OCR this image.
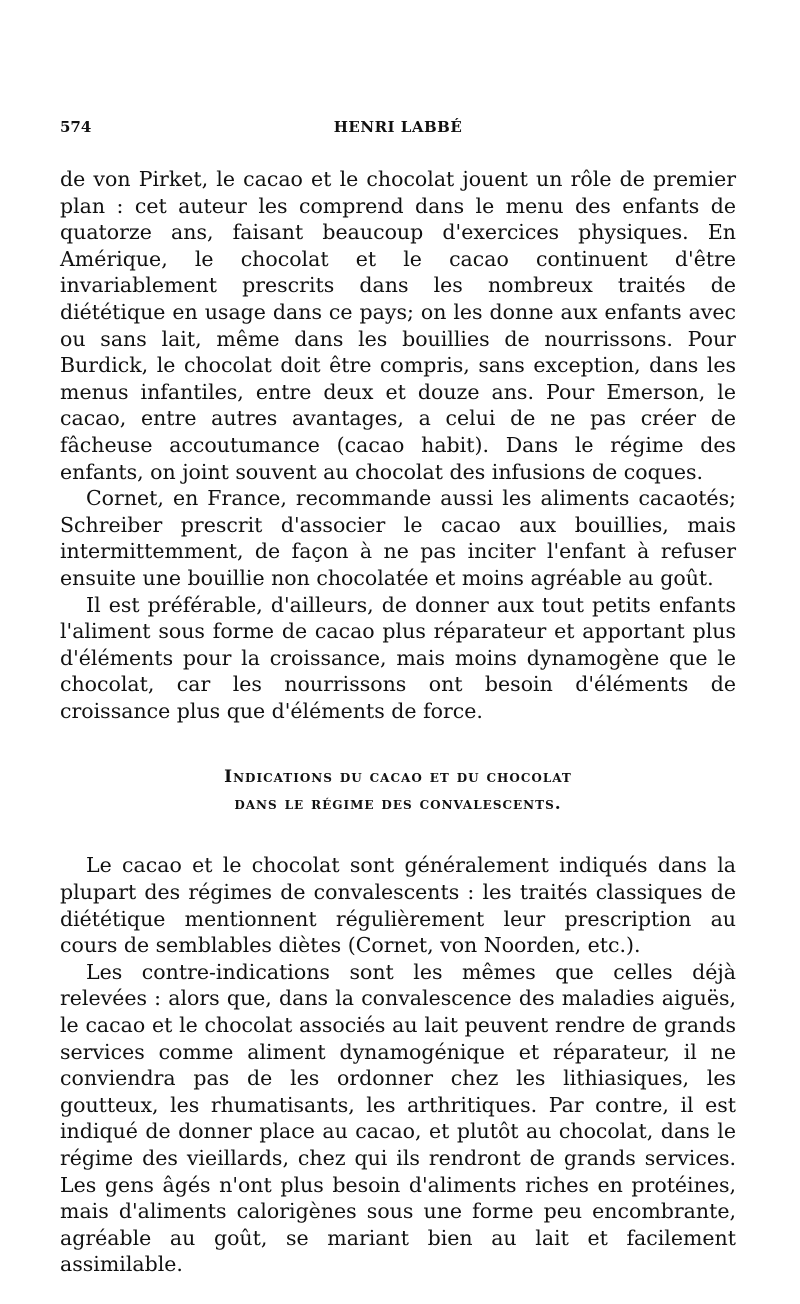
574	HENRI LABBÉ

de von Pirket, le cacao et le chocolat jouent un rôle de premier plan : cet auteur les comprend dans le menu des enfants de quatorze ans, faisant beaucoup d'exercices physiques. En Amérique, le chocolat et le cacao continuent d'être invariablement prescrits dans les nombreux traités de diététique en usage dans ce pays; on les donne aux enfants avec ou sans lait, même dans les bouillies de nourrissons. Pour Burdick, le chocolat doit être compris, sans exception, dans les menus infantiles, entre deux et douze ans. Pour Emerson, le cacao, entre autres avantages, a celui de ne pas créer de fâcheuse accoutumance (cacao habit). Dans le régime des enfants, on joint souvent au chocolat des infusions de coques.

Cornet, en France, recommande aussi les aliments cacaotés; Schreiber prescrit d'associer le cacao aux bouillies, mais intermittemment, de façon à ne pas inciter l'enfant à refuser ensuite une bouillie non chocolatée et moins agréable au goût.

Il est préférable, d'ailleurs, de donner aux tout petits enfants l'aliment sous forme de cacao plus réparateur et apportant plus d'éléments pour la croissance, mais moins dynamogène que le chocolat, car les nourrissons ont besoin d'éléments de croissance plus que d'éléments de force.

Indications du cacao et du chocolat
dans le régime des convalescents.

Le cacao et le chocolat sont généralement indiqués dans la plupart des régimes de convalescents : les traités classiques de diététique mentionnent régulièrement leur prescription au cours de semblables diètes (Cornet, von Noorden, etc.).

Les contre-indications sont les mêmes que celles déjà relevées : alors que, dans la convalescence des maladies aiguës, le cacao et le chocolat associés au lait peuvent rendre de grands services comme aliment dynamogénique et réparateur, il ne conviendra pas de les ordonner chez les lithiasiques, les goutteux, les rhumatisants, les arthritiques. Par contre, il est indiqué de donner place au cacao, et plutôt au chocolat, dans le régime des vieillards, chez qui ils rendront de grands services. Les gens âgés n'ont plus besoin d'aliments riches en protéines, mais d'aliments calorigènes sous une forme peu encombrante, agréable au goût, se mariant bien au lait et facilement assimilable.
